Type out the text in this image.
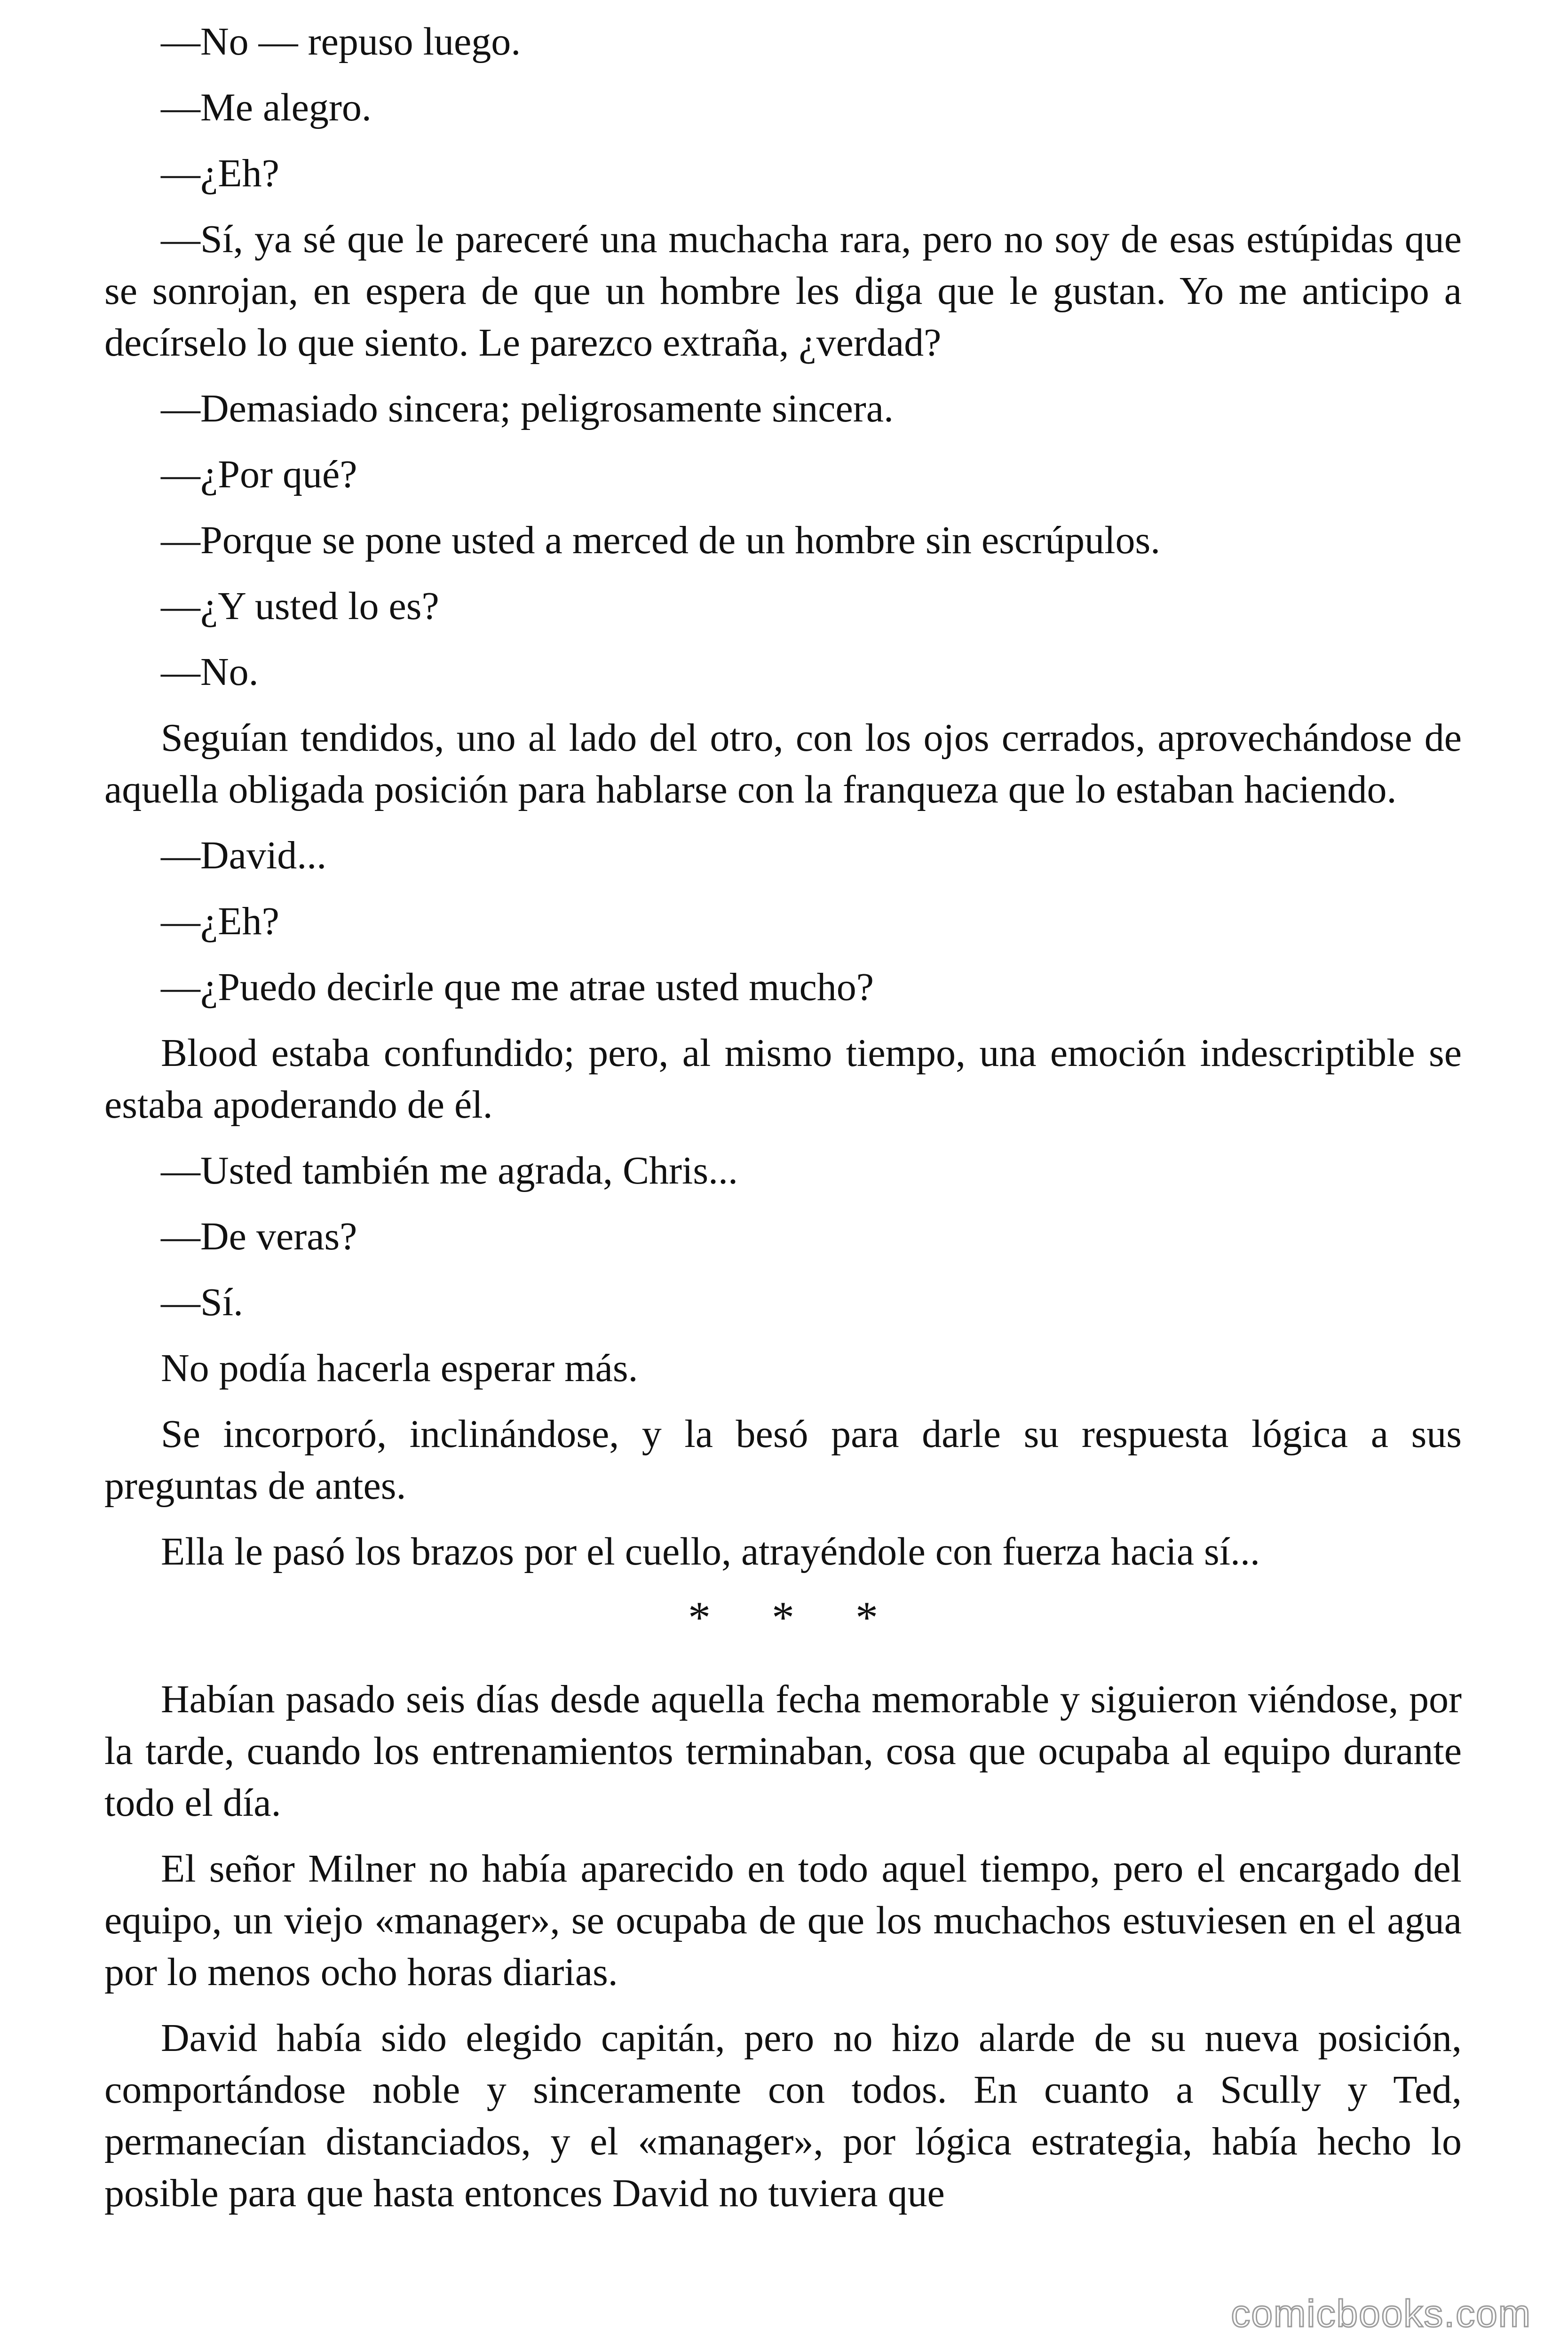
—No — repuso luego.

—Me alegro.

—¿Eh?

—Sí, ya sé que le pareceré una muchacha rara, pero no soy de esas estúpidas que se sonrojan, en espera de que un hombre les diga que le gustan. Yo me anticipo a decírselo lo que siento. Le parezco extraña, ¿verdad?

—Demasiado sincera; peligrosamente sincera.

—¿Por qué?

—Porque se pone usted a merced de un hombre sin escrúpulos.

—¿Y usted lo es?

—No.

Seguían tendidos, uno al lado del otro, con los ojos cerrados, aprovechándose de aquella obligada posición para hablarse con la franqueza que lo estaban haciendo.

—David...

—¿Eh?

—¿Puedo decirle que me atrae usted mucho?

Blood estaba confundido; pero, al mismo tiempo, una emoción indescriptible se estaba apoderando de él.

—Usted también me agrada, Chris...

—De veras?

—Sí.

No podía hacerla esperar más.

Se incorporó, inclinándose, y la besó para darle su respuesta lógica a sus preguntas de antes.

Ella le pasó los brazos por el cuello, atrayéndole con fuerza hacia sí...

* * *

Habían pasado seis días desde aquella fecha memorable y siguieron viéndose, por la tarde, cuando los entrenamientos terminaban, cosa que ocupaba al equipo durante todo el día.

El señor Milner no había aparecido en todo aquel tiempo, pero el encargado del equipo, un viejo «manager», se ocupaba de que los muchachos estuviesen en el agua por lo menos ocho horas diarias.

David había sido elegido capitán, pero no hizo alarde de su nueva posición, comportándose noble y sinceramente con todos. En cuanto a Scully y Ted, permanecían distanciados, y el «manager», por lógica estrategia, había hecho lo posible para que hasta entonces David no tuviera que

comicbooks.com
